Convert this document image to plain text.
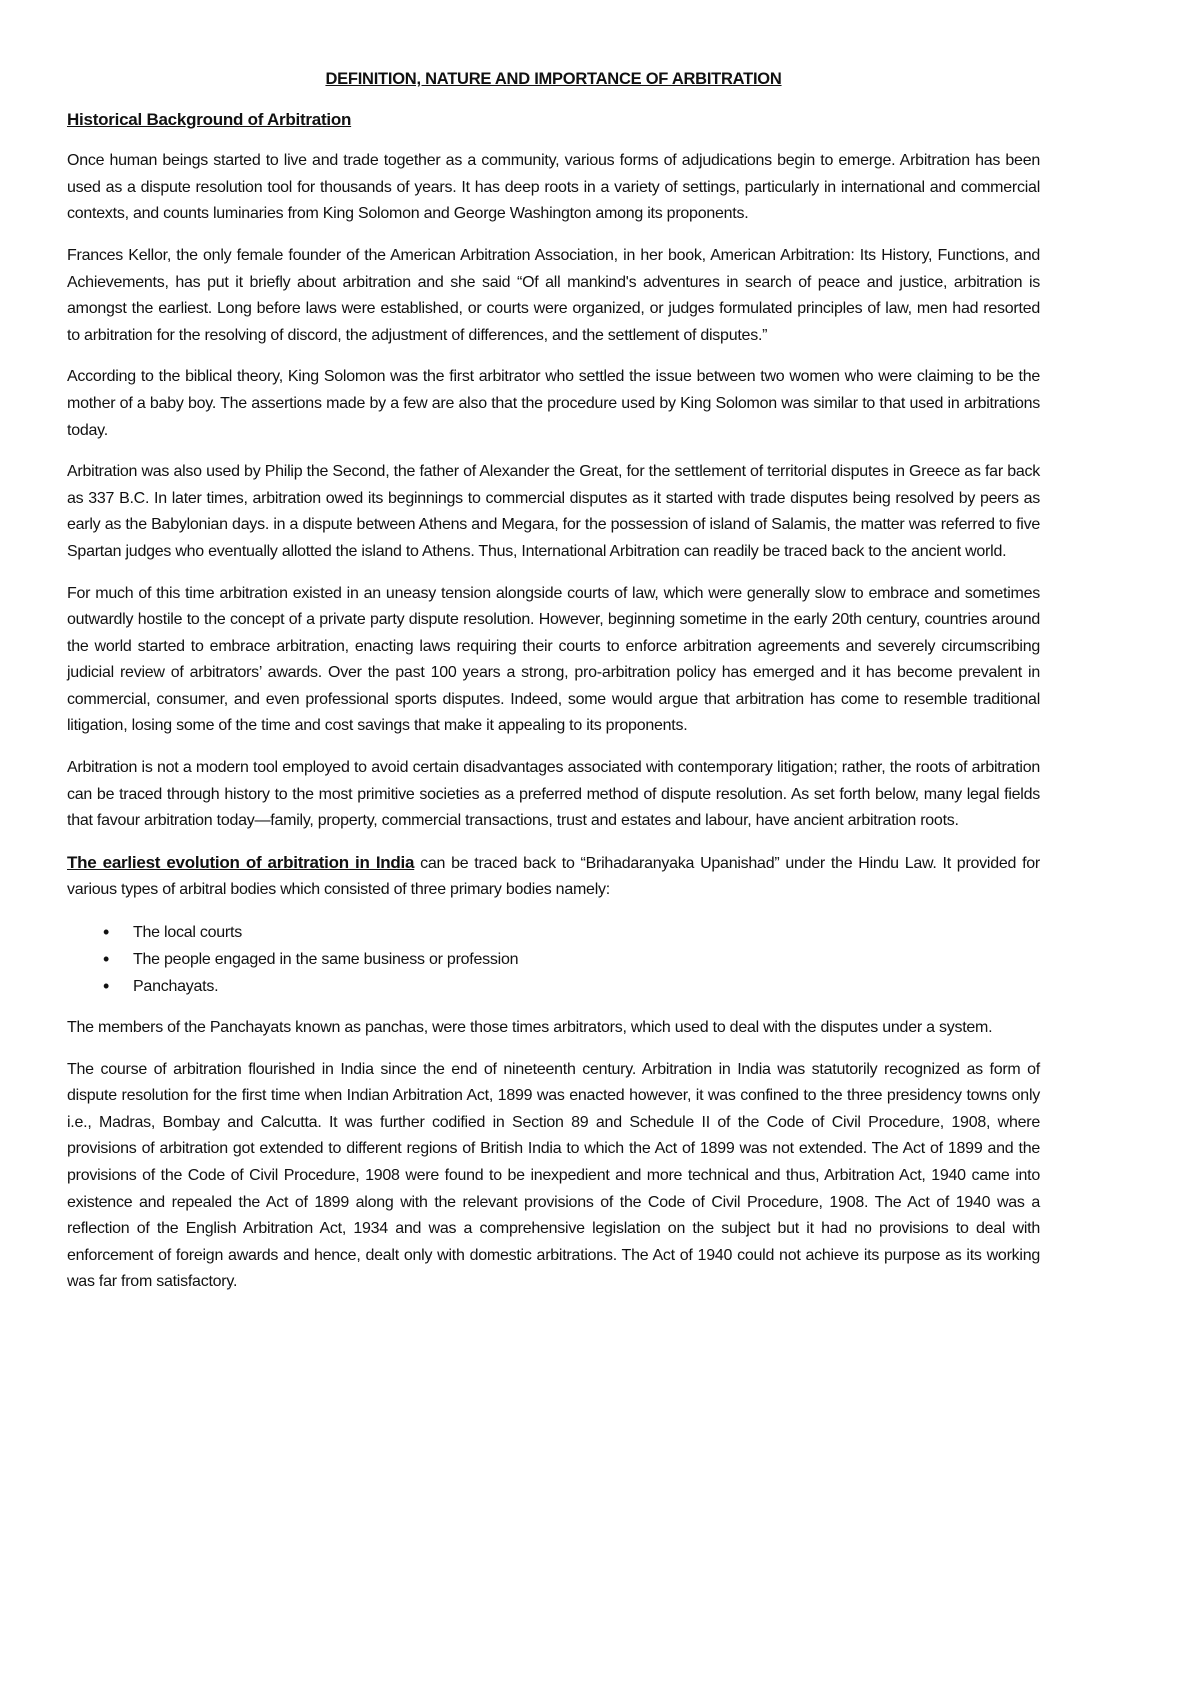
DEFINITION, NATURE AND IMPORTANCE OF ARBITRATION
Historical Background of Arbitration

Once human beings started to live and trade together as a community, various forms of adjudications begin to emerge. Arbitration has been used as a dispute resolution tool for thousands of years. It has deep roots in a variety of settings, particularly in international and commercial contexts, and counts luminaries from King Solomon and George Washington among its proponents.

Frances Kellor, the only female founder of the American Arbitration Association, in her book, American Arbitration: Its History, Functions, and Achievements, has put it briefly about arbitration and she said “Of all mankind's adventures in search of peace and justice, arbitration is amongst the earliest. Long before laws were established, or courts were organized, or judges formulated principles of law, men had resorted to arbitration for the resolving of discord, the adjustment of differences, and the settlement of disputes.”

According to the biblical theory, King Solomon was the first arbitrator who settled the issue between two women who were claiming to be the mother of a baby boy. The assertions made by a few are also that the procedure used by King Solomon was similar to that used in arbitrations today.

Arbitration was also used by Philip the Second, the father of Alexander the Great, for the settlement of territorial disputes in Greece as far back as 337 B.C. In later times, arbitration owed its beginnings to commercial disputes as it started with trade disputes being resolved by peers as early as the Babylonian days. in a dispute between Athens and Megara, for the possession of island of Salamis, the matter was referred to five Spartan judges who eventually allotted the island to Athens. Thus, International Arbitration can readily be traced back to the ancient world.

For much of this time arbitration existed in an uneasy tension alongside courts of law, which were generally slow to embrace and sometimes outwardly hostile to the concept of a private party dispute resolution. However, beginning sometime in the early 20th century, countries around the world started to embrace arbitration, enacting laws requiring their courts to enforce arbitration agreements and severely circumscribing judicial review of arbitrators’ awards. Over the past 100 years a strong, pro-arbitration policy has emerged and it has become prevalent in commercial, consumer, and even professional sports disputes. Indeed, some would argue that arbitration has come to resemble traditional litigation, losing some of the time and cost savings that make it appealing to its proponents.

Arbitration is not a modern tool employed to avoid certain disadvantages associated with contemporary litigation; rather, the roots of arbitration can be traced through history to the most primitive societies as a preferred method of dispute resolution. As set forth below, many legal fields that favour arbitration today—family, property, commercial transactions, trust and estates and labour, have ancient arbitration roots.

The earliest evolution of arbitration in India can be traced back to “Brihadaranyaka Upanishad” under the Hindu Law. It provided for various types of arbitral bodies which consisted of three primary bodies namely:

• The local courts
• The people engaged in the same business or profession
• Panchayats.

The members of the Panchayats known as panchas, were those times arbitrators, which used to deal with the disputes under a system.

The course of arbitration flourished in India since the end of nineteenth century. Arbitration in India was statutorily recognized as form of dispute resolution for the first time when Indian Arbitration Act, 1899 was enacted however, it was confined to the three presidency towns only i.e., Madras, Bombay and Calcutta. It was further codified in Section 89 and Schedule II of the Code of Civil Procedure, 1908, where provisions of arbitration got extended to different regions of British India to which the Act of 1899 was not extended. The Act of 1899 and the provisions of the Code of Civil Procedure, 1908 were found to be inexpedient and more technical and thus, Arbitration Act, 1940 came into existence and repealed the Act of 1899 along with the relevant provisions of the Code of Civil Procedure, 1908. The Act of 1940 was a reflection of the English Arbitration Act, 1934 and was a comprehensive legislation on the subject but it had no provisions to deal with enforcement of foreign awards and hence, dealt only with domestic arbitrations. The Act of 1940 could not achieve its purpose as its working was far from satisfactory.
